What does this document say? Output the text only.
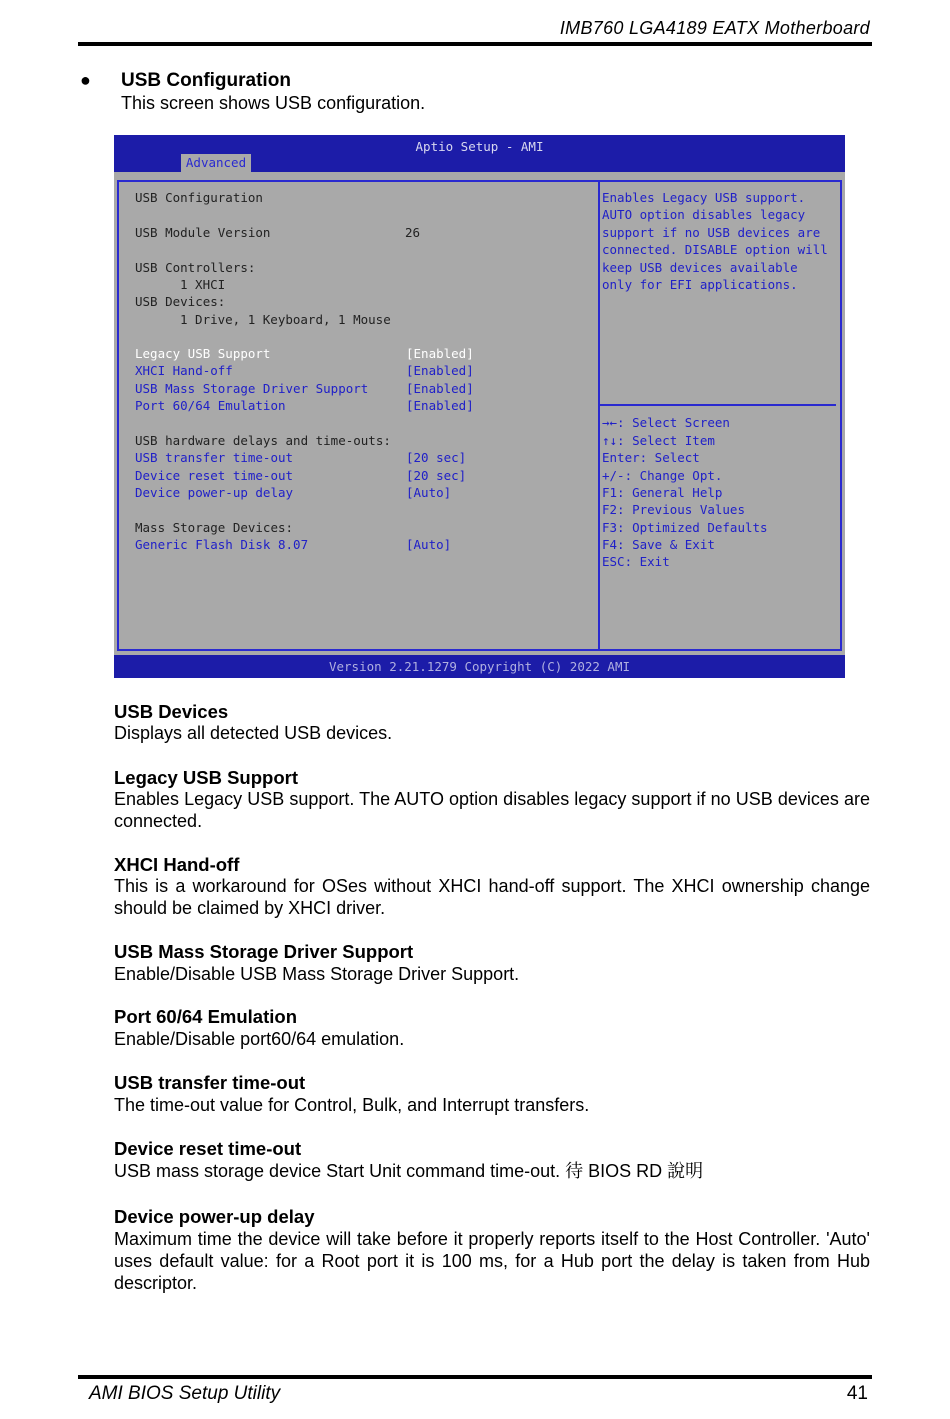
IMB760 LGA4189 EATX Motherboard
● USB Configuration
This screen shows USB configuration.
Aptio Setup - AMI
Advanced
USB Configuration
USB Module Version	26
USB Controllers:
1 XHCI
USB Devices:
1 Drive, 1 Keyboard, 1 Mouse
Legacy USB Support	[Enabled]
XHCI Hand-off	[Enabled]
USB Mass Storage Driver Support	[Enabled]
Port 60/64 Emulation	[Enabled]
USB hardware delays and time-outs:
USB transfer time-out	[20 sec]
Device reset time-out	[20 sec]
Device power-up delay	[Auto]
Mass Storage Devices:
Generic Flash Disk 8.07	[Auto]
Enables Legacy USB support.
AUTO option disables legacy
support if no USB devices are
connected. DISABLE option will
keep USB devices available
only for EFI applications.
→←: Select Screen
↑↓: Select Item
Enter: Select
+/-: Change Opt.
F1: General Help
F2: Previous Values
F3: Optimized Defaults
F4: Save & Exit
ESC: Exit
Version 2.21.1279 Copyright (C) 2022 AMI
USB Devices
Displays all detected USB devices.
Legacy USB Support
Enables Legacy USB support. The AUTO option disables legacy support if no USB devices are connected.
XHCI Hand-off
This is a workaround for OSes without XHCI hand-off support. The XHCI ownership change should be claimed by XHCI driver.
USB Mass Storage Driver Support
Enable/Disable USB Mass Storage Driver Support.
Port 60/64 Emulation
Enable/Disable port60/64 emulation.
USB transfer time-out
The time-out value for Control, Bulk, and Interrupt transfers.
Device reset time-out
USB mass storage device Start Unit command time-out. 待 BIOS RD 說明
Device power-up delay
Maximum time the device will take before it properly reports itself to the Host Controller. 'Auto' uses default value: for a Root port it is 100 ms, for a Hub port the delay is taken from Hub descriptor.
AMI BIOS Setup Utility	41
